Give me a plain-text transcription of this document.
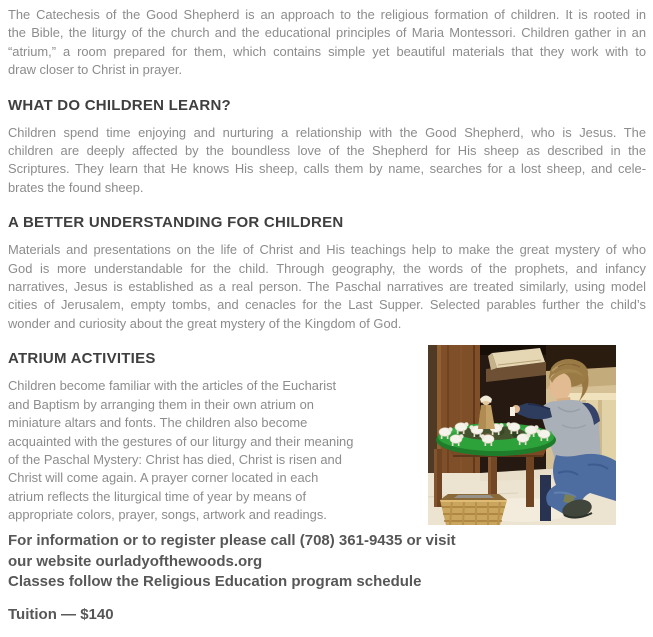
The Catechesis of the Good Shepherd is an approach to the religious formation of children. It is rooted in
the Bible, the liturgy of the church and the educational principles of Maria Montessori. Children gather in an
“atrium,” a room prepared for them, which contains simple yet beautiful materials that they work with to
draw closer to Christ in prayer.
WHAT DO CHILDREN LEARN?
Children spend time enjoying and nurturing a relationship with the Good Shepherd, who is Jesus. The
children are deeply affected by the boundless love of the Shepherd for His sheep as described in the
Scriptures. They learn that He knows His sheep, calls them by name, searches for a lost sheep, and cele-
brates the found sheep.
A BETTER UNDERSTANDING FOR CHILDREN
Materials and presentations on the life of Christ and His teachings help to make the great mystery of who
God is more understandable for the child. Through geography, the words of the prophets, and infancy
narratives, Jesus is established as a real person. The Paschal narratives are treated similarly, using model
cities of Jerusalem, empty tombs, and cenacles for the Last Supper. Selected parables further the child’s
wonder and curiosity about the great mystery of the Kingdom of God.
ATRIUM ACTIVITIES
Children become familiar with the articles of the Eucharist
and Baptism by arranging them in their own atrium on
miniature altars and fonts. The children also become
acquainted with the gestures of our liturgy and their meaning
of the Paschal Mystery: Christ has died, Christ is risen and
Christ will come again. A prayer corner located in each
atrium reflects the liturgical time of year by means of
appropriate colors, prayer, songs, artwork and readings.
For information or to register please call (708) 361-9435 or visit
our website ourladyofthewoods.org
Classes follow the Religious Education program schedule
Tuition — $140
